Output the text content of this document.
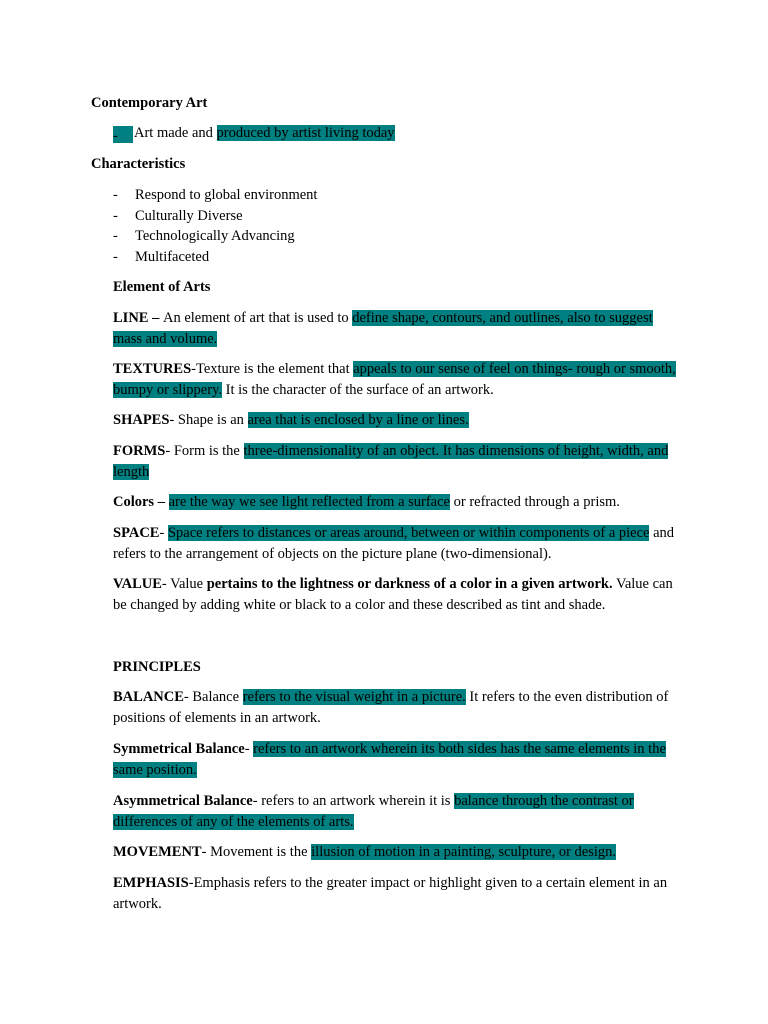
Contemporary Art

- Art made and produced by artist living today

Characteristics

- Respond to global environment
- Culturally Diverse
- Technologically Advancing
- Multifaceted

Element of Arts

LINE – An element of art that is used to define shape, contours, and outlines, also to suggest mass and volume.

TEXTURES-Texture is the element that appeals to our sense of feel on things- rough or smooth, bumpy or slippery. It is the character of the surface of an artwork.

SHAPES- Shape is an area that is enclosed by a line or lines.

FORMS- Form is the three-dimensionality of an object. It has dimensions of height, width, and length

Colors – are the way we see light reflected from a surface or refracted through a prism.

SPACE- Space refers to distances or areas around, between or within components of a piece and refers to the arrangement of objects on the picture plane (two-dimensional).

VALUE- Value pertains to the lightness or darkness of a color in a given artwork. Value can be changed by adding white or black to a color and these described as tint and shade.

PRINCIPLES

BALANCE- Balance refers to the visual weight in a picture. It refers to the even distribution of positions of elements in an artwork.

Symmetrical Balance- refers to an artwork wherein its both sides has the same elements in the same position.

Asymmetrical Balance- refers to an artwork wherein it is balance through the contrast or differences of any of the elements of arts.

MOVEMENT- Movement is the illusion of motion in a painting, sculpture, or design.

EMPHASIS-Emphasis refers to the greater impact or highlight given to a certain element in an artwork.
